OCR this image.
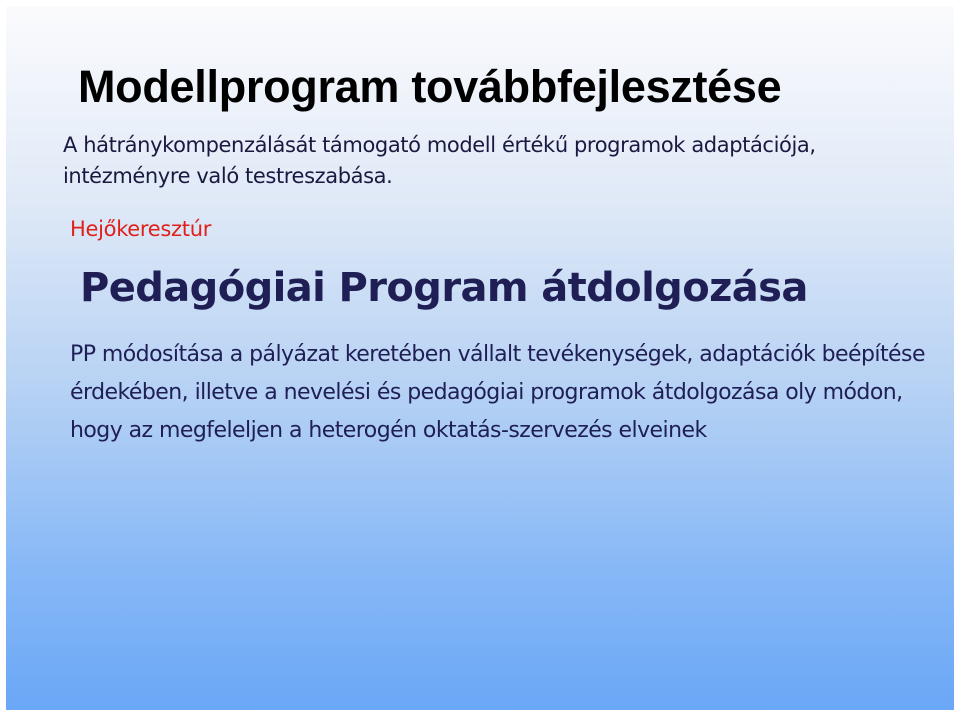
Modellprogram továbbfejlesztése

A hátránykompenzálását támogató modell értékű programok adaptációja, intézményre való testreszabása.

Hejőkeresztúr

Pedagógiai Program átdolgozása

PP módosítása a pályázat keretében vállalt tevékenységek, adaptációk beépítése érdekében, illetve a nevelési és pedagógiai programok átdolgozása oly módon, hogy az megfeleljen a heterogén oktatás-szervezés elveinek
